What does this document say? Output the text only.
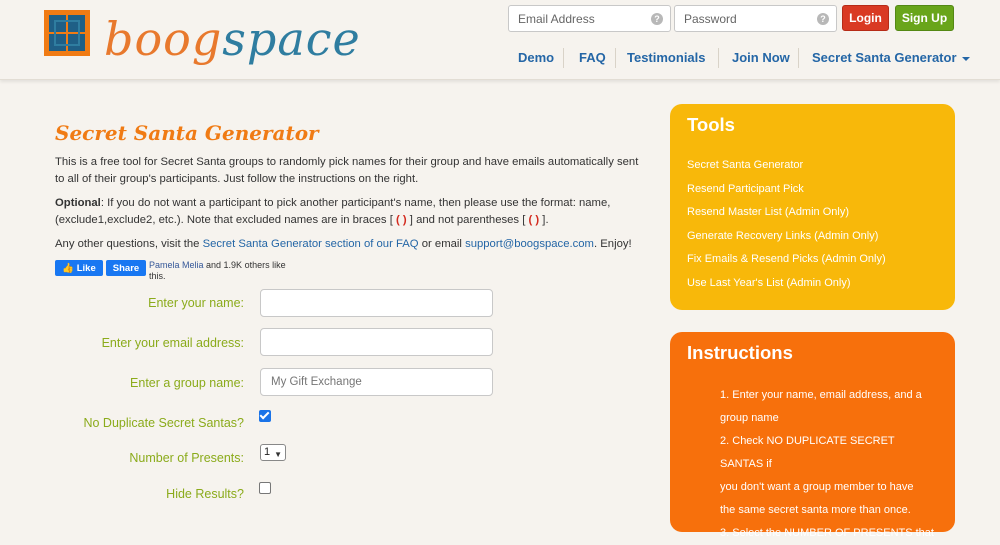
boogspace
Email Address	?	?	Login	Sign Up
Demo FAQ Testimonials Join Now Secret Santa Generator
Secret Santa Generator

This is a free tool for Secret Santa groups to randomly pick names for their group and have emails automatically sent to all of their group's participants. Just follow the instructions on the right.

Optional: If you do not want a participant to pick another participant's name, then please use the format: name, (exclude1,exclude2, etc.). Note that excluded names are in braces [ ( ) ] and not parentheses [ ( ) ].

Any other questions, visit the Secret Santa Generator section of our FAQ or email support@boogspace.com. Enjoy!

👍 Like	Share	Pamela Melia and 1.9K others like this.
Enter your name:
Enter your email address:
Enter a group name:
My Gift Exchange
No Duplicate Secret Santas?
Number of Presents:	1 ▼
Hide Results?
Tools
Secret Santa Generator
Resend Participant Pick
Resend Master List (Admin Only)
Generate Recovery Links (Admin Only)
Fix Emails & Resend Picks (Admin Only)
Use Last Year's List (Admin Only)
Instructions
1. Enter your name, email address, and a
group name
2. Check NO DUPLICATE SECRET SANTAS if
you don't want a group member to have
the same secret santa more than once.
3. Select the NUMBER OF PRESENTS that
